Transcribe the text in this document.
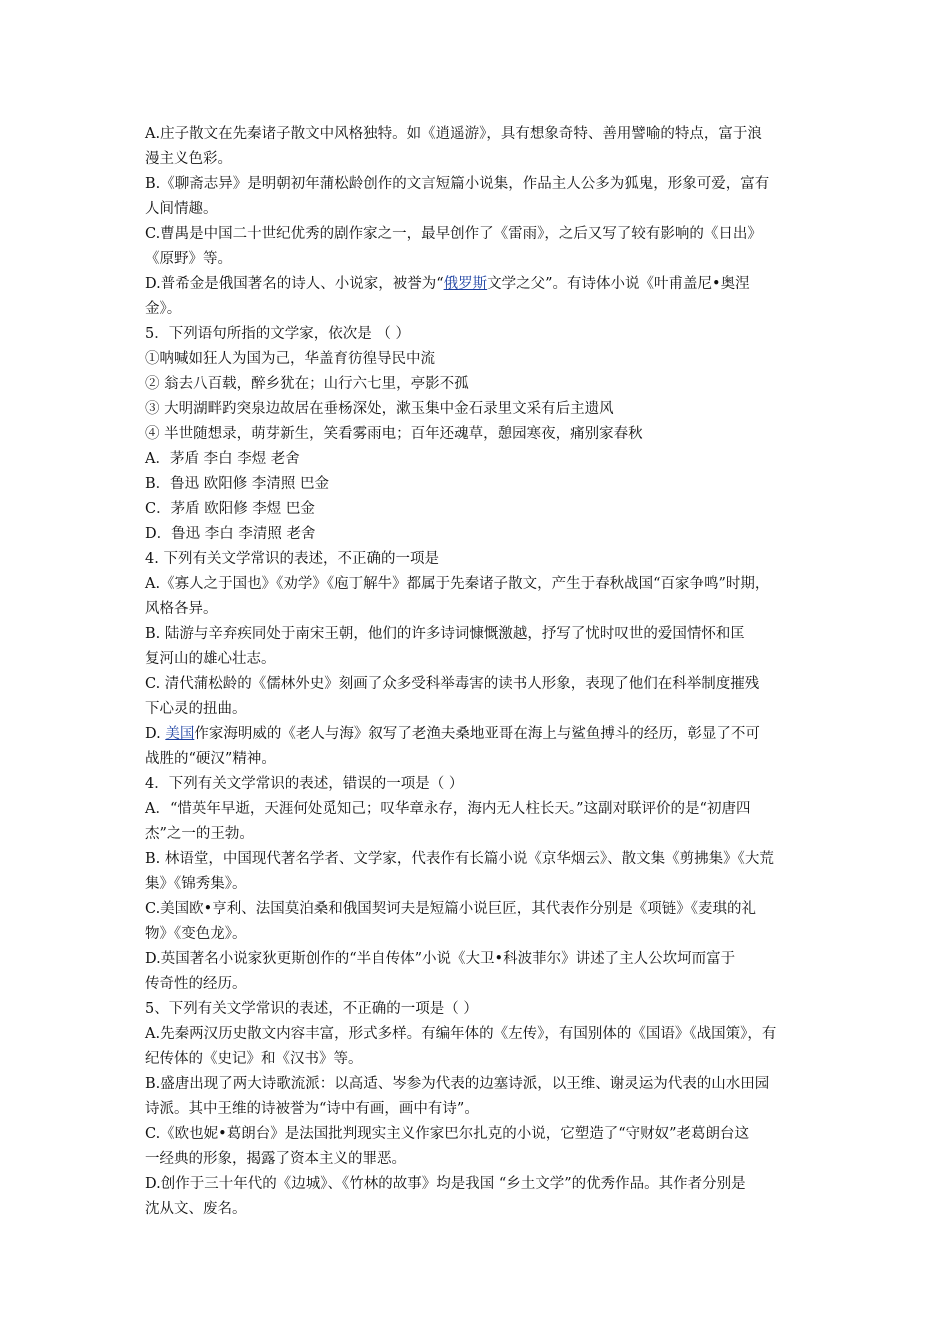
A.庄子散文在先秦诸子散文中风格独特。如《逍遥游》，具有想象奇特、善用譬喻的特点，富于浪
漫主义色彩。
B.《聊斋志异》是明朝初年蒲松龄创作的文言短篇小说集，作品主人公多为狐鬼，形象可爱，富有
人间情趣。
C.曹禺是中国二十世纪优秀的剧作家之一，最早创作了《雷雨》，之后又写了较有影响的《日出》
《原野》等。
D.普希金是俄国著名的诗人、小说家，被誉为“俄罗斯文学之父”。有诗体小说《叶甫盖尼•奥涅
金》。
5．下列语句所指的文学家，依次是 （ ）
①呐喊如狂人为国为己，华盖育彷徨导民中流
② 翁去八百载，醉乡犹在；山行六七里，亭影不孤
③ 大明湖畔趵突泉边故居在垂杨深处，漱玉集中金石录里文采有后主遗风
④ 半世随想录，萌芽新生，笑看雾雨电；百年还魂草，憩园寒夜，痛别家春秋
A．茅盾 李白 李煜 老舍
B．鲁迅 欧阳修 李清照 巴金
C．茅盾 欧阳修 李煜 巴金
D．鲁迅 李白 李清照 老舍
4. 下列有关文学常识的表述，不正确的一项是
A.《寡人之于国也》《劝学》《庖丁解牛》都属于先秦诸子散文，产生于春秋战国“百家争鸣”时期，
风格各异。
B. 陆游与辛弃疾同处于南宋王朝，他们的许多诗词慷慨激越，抒写了忧时叹世的爱国情怀和匡
复河山的雄心壮志。
C. 清代蒲松龄的《儒林外史》刻画了众多受科举毒害的读书人形象，表现了他们在科举制度摧残
下心灵的扭曲。
D. 美国作家海明威的《老人与海》叙写了老渔夫桑地亚哥在海上与鲨鱼搏斗的经历，彰显了不可
战胜的“硬汉”精神。
4．下列有关文学常识的表述，错误的一项是（ ）
A．“惜英年早逝，天涯何处觅知己；叹华章永存，海内无人柱长天。”这副对联评价的是“初唐四
杰”之一的王勃。
B. 林语堂，中国现代著名学者、文学家，代表作有长篇小说《京华烟云》、散文集《剪拂集》《大荒
集》《锦秀集》。
C.美国欧•亨利、法国莫泊桑和俄国契诃夫是短篇小说巨匠，其代表作分别是《项链》《麦琪的礼
物》《变色龙》。
D.英国著名小说家狄更斯创作的“半自传体”小说《大卫•科波菲尔》讲述了主人公坎坷而富于
传奇性的经历。
5、下列有关文学常识的表述，不正确的一项是（ ）
A.先秦两汉历史散文内容丰富，形式多样。有编年体的《左传》，有国别体的《国语》《战国策》，有
纪传体的《史记》和《汉书》等。
B.盛唐出现了两大诗歌流派：以高适、岑参为代表的边塞诗派，以王维、谢灵运为代表的山水田园
诗派。其中王维的诗被誉为“诗中有画，画中有诗”。
C.《欧也妮•葛朗台》是法国批判现实主义作家巴尔扎克的小说，它塑造了“守财奴”老葛朗台这
一经典的形象，揭露了资本主义的罪恶。
D.创作于三十年代的《边城》、《竹林的故事》均是我国 “乡土文学”的优秀作品。其作者分别是
沈从文、废名。
